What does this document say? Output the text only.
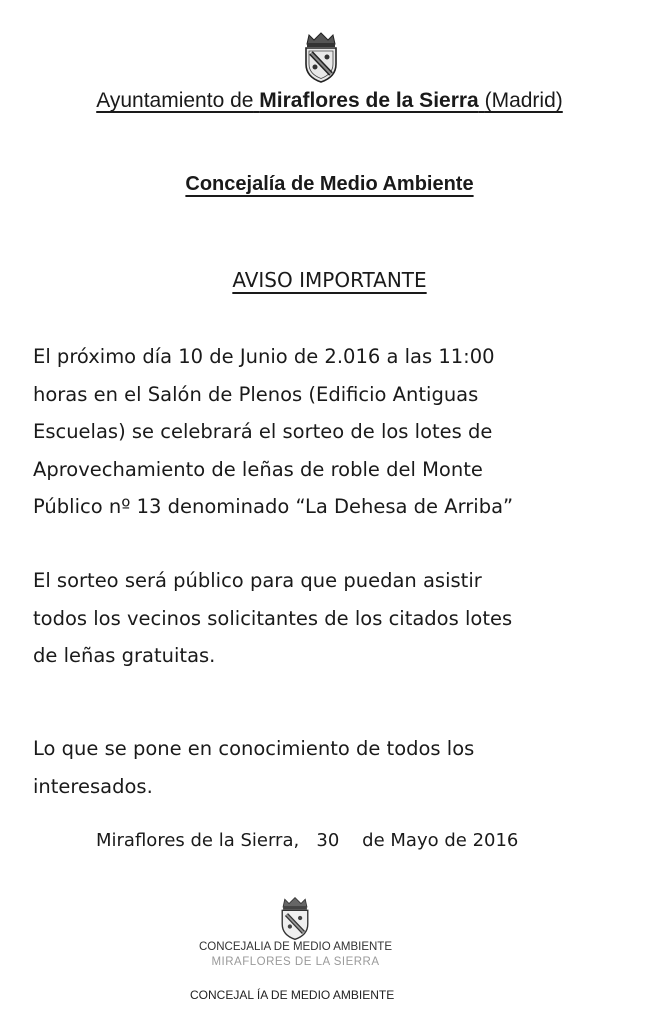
Ayuntamiento de Miraflores de la Sierra (Madrid)
Concejalía de Medio Ambiente
AVISO IMPORTANTE
El próximo día 10 de Junio de 2.016 a las 11:00
horas en el Salón de Plenos (Edificio Antiguas
Escuelas) se celebrará el sorteo de los lotes de
Aprovechamiento de leñas de roble del Monte
Público nº 13 denominado “La Dehesa de Arriba”
El sorteo será público para que puedan asistir
todos los vecinos solicitantes de los citados lotes
de leñas gratuitas.
Lo que se pone en conocimiento de todos los
interesados.
Miraflores de la Sierra, 30 de Mayo de 2016
CONCEJALIA DE MEDIO AMBIENTE
MIRAFLORES DE LA SIERRA
CONCEJAL ÍA DE MEDIO AMBIENTE
